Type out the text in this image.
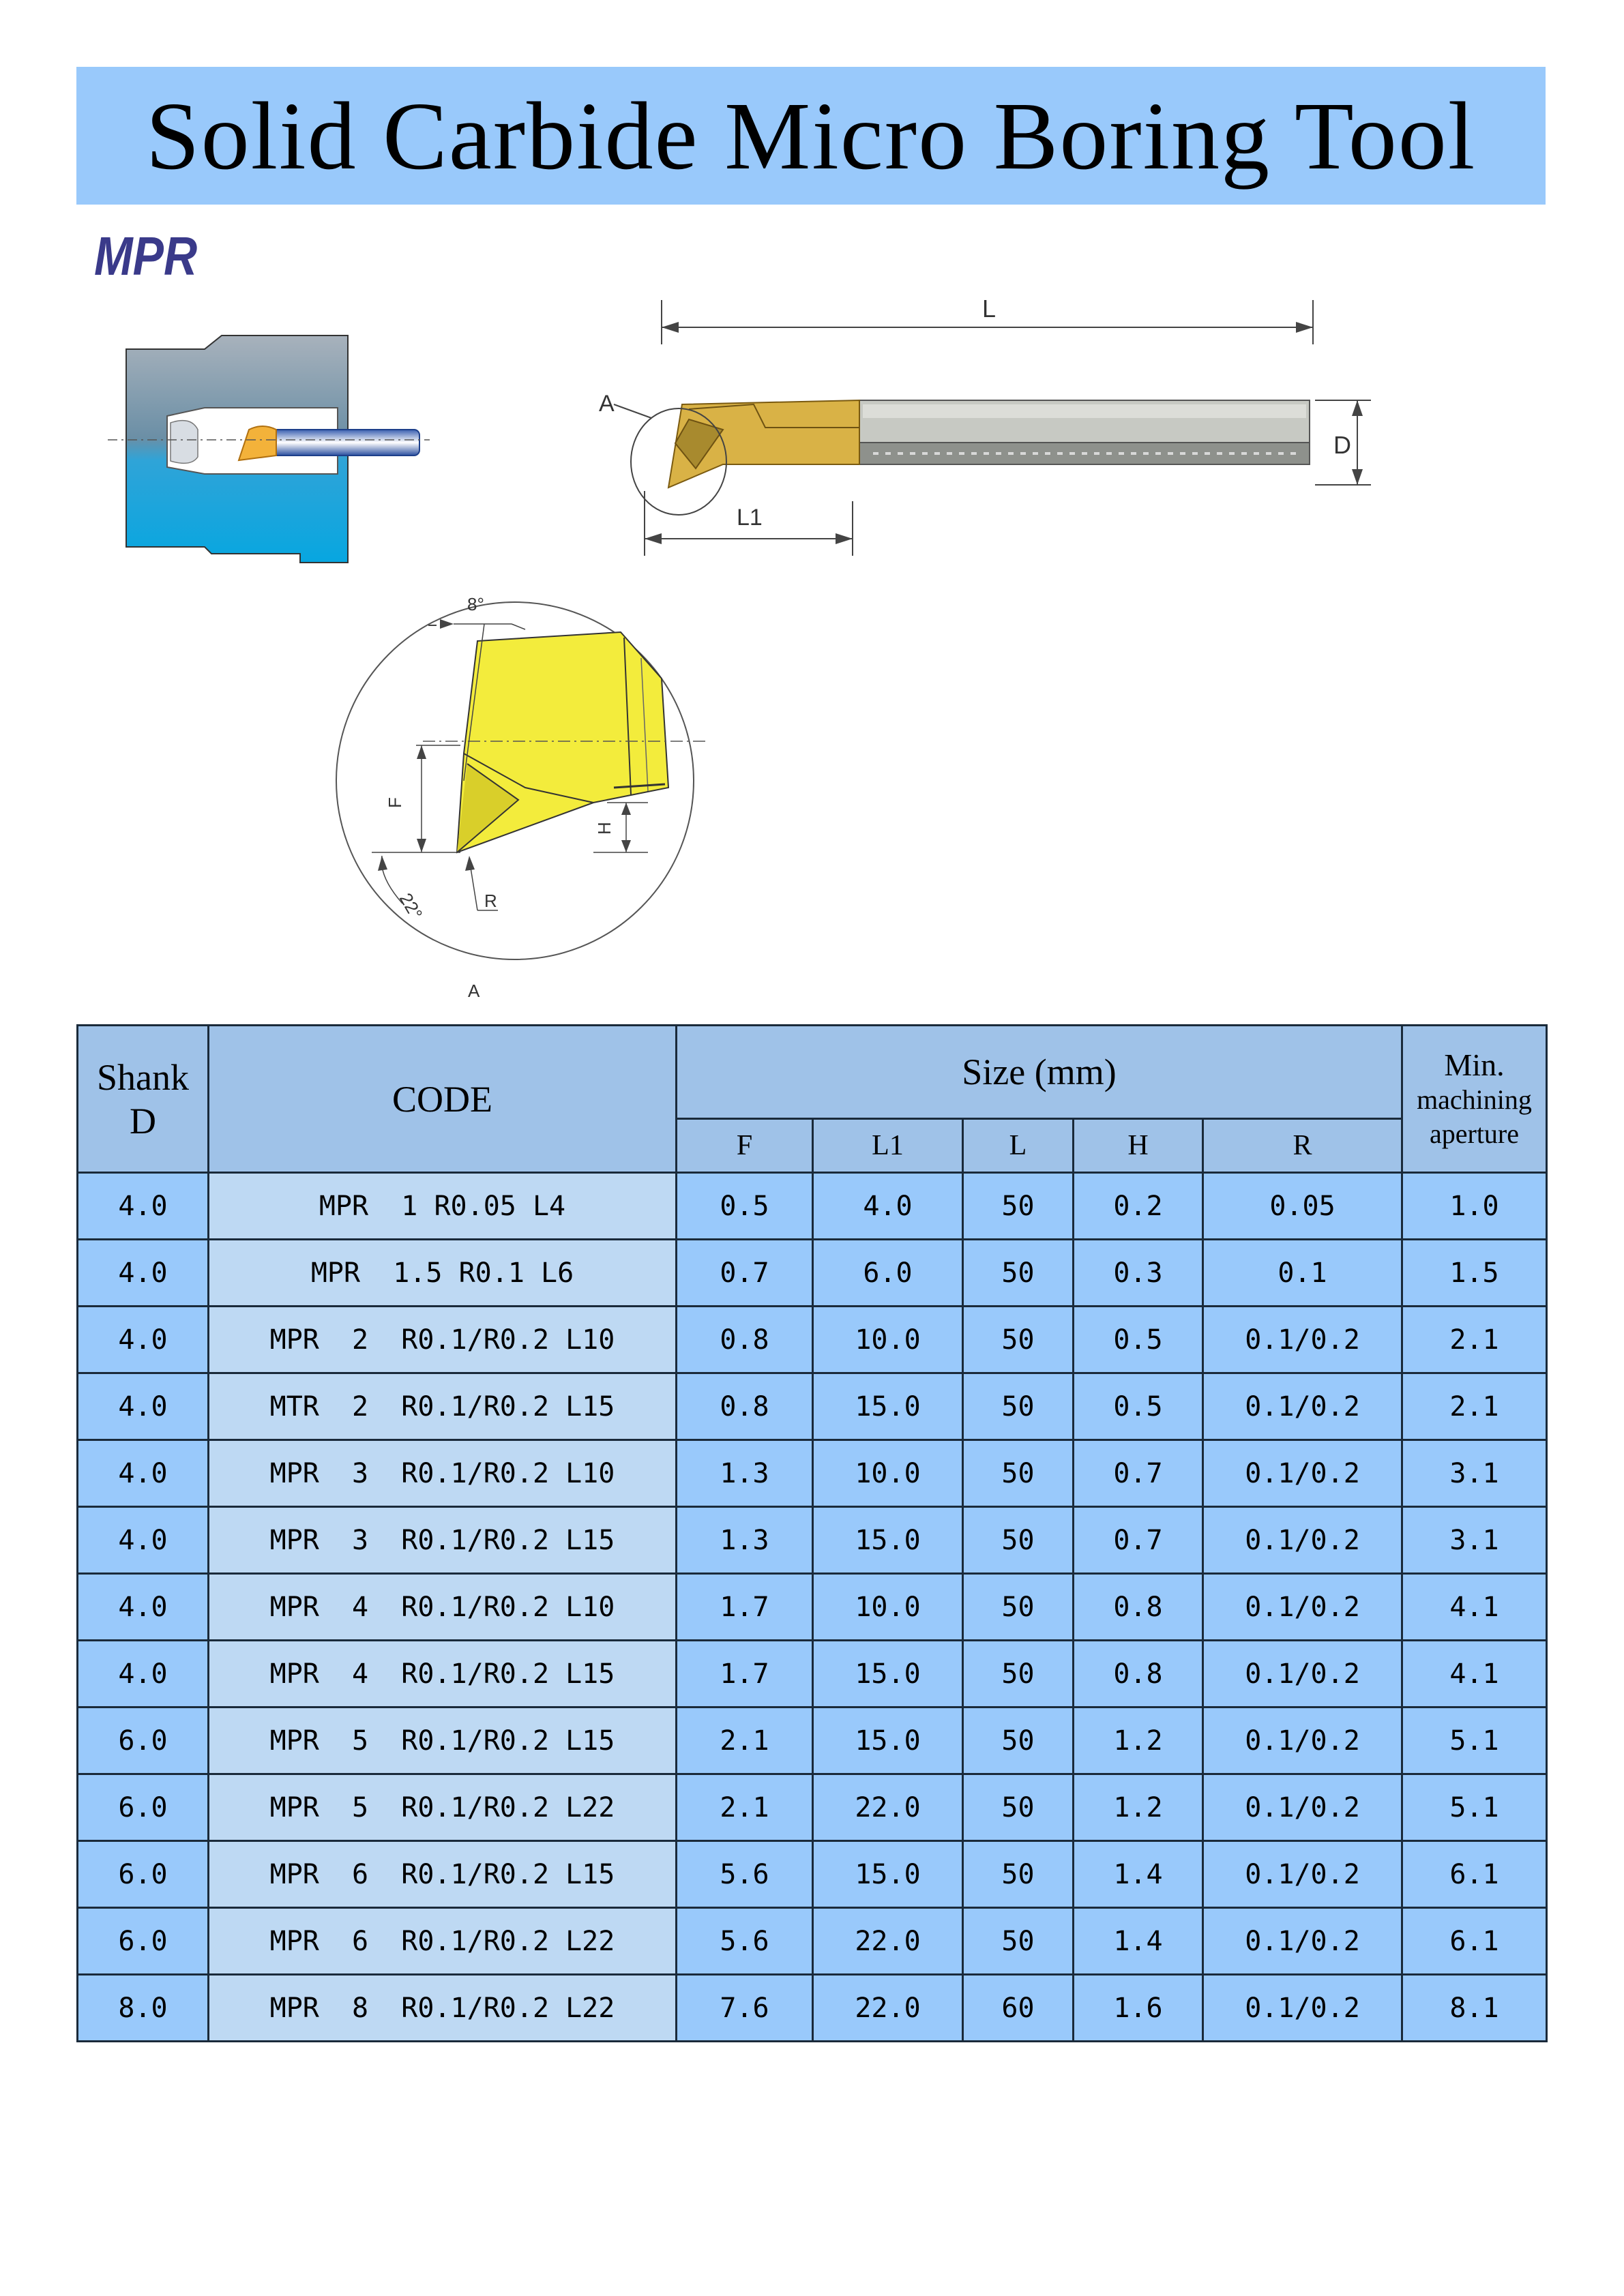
Solid Carbide Micro Boring Tool
MPR
L
A
D
L1
8°
F
H
22°	R
A
Shank
D	CODE	Size (mm)					Min.
machining
aperture

		F	L1	L	H	R	
4.0	MPR  1 R0.05 L4	0.5	4.0	50	0.2	0.05	1.0
4.0	MPR  1.5 R0.1 L6	0.7	6.0	50	0.3	0.1	1.5
4.0	MPR  2  R0.1/R0.2 L10	0.8	10.0	50	0.5	0.1/0.2	2.1
4.0	MTR  2  R0.1/R0.2 L15	0.8	15.0	50	0.5	0.1/0.2	2.1
4.0	MPR  3  R0.1/R0.2 L10	1.3	10.0	50	0.7	0.1/0.2	3.1
4.0	MPR  3  R0.1/R0.2 L15	1.3	15.0	50	0.7	0.1/0.2	3.1
4.0	MPR  4  R0.1/R0.2 L10	1.7	10.0	50	0.8	0.1/0.2	4.1
4.0	MPR  4  R0.1/R0.2 L15	1.7	15.0	50	0.8	0.1/0.2	4.1
6.0	MPR  5  R0.1/R0.2 L15	2.1	15.0	50	1.2	0.1/0.2	5.1
6.0	MPR  5  R0.1/R0.2 L22	2.1	22.0	50	1.2	0.1/0.2	5.1
6.0	MPR  6  R0.1/R0.2 L15	5.6	15.0	50	1.4	0.1/0.2	6.1
6.0	MPR  6  R0.1/R0.2 L22	5.6	22.0	50	1.4	0.1/0.2	6.1
8.0	MPR  8  R0.1/R0.2 L22	7.6	22.0	60	1.6	0.1/0.2	8.1
